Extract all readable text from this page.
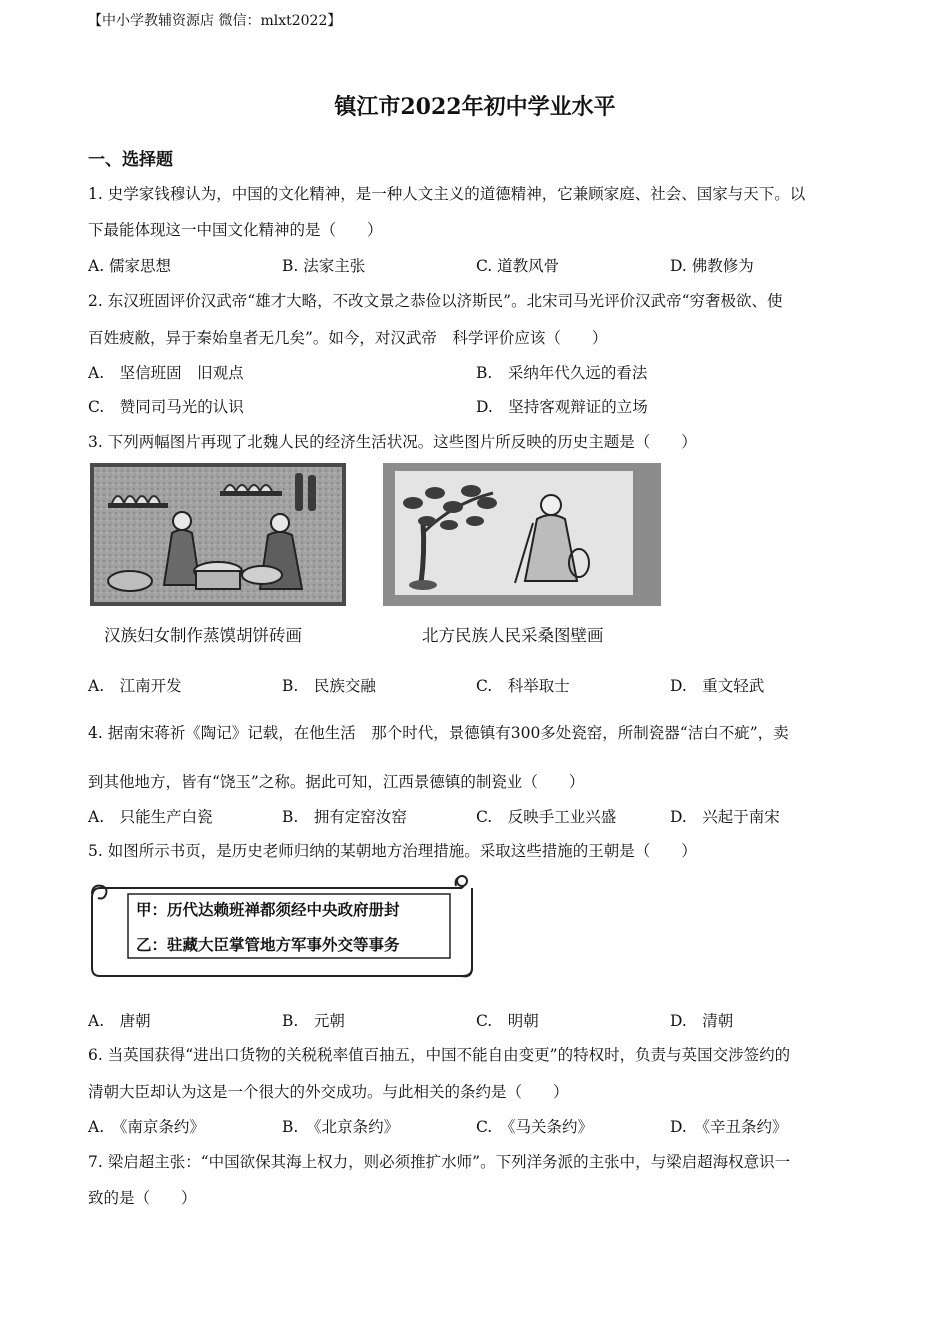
【中小学教辅资源店 微信：mlxt2022】
镇江市2022年初中学业水平
一、选择题
1. 史学家钱穆认为，中国的文化精神，是一种人文主义的道德精神，它兼顾家庭、社会、国家与天下。以
下最能体现这一中国文化精神的是（　　）
A. 儒家思想	B. 法家主张	C. 道教风骨	D. 佛教修为
2. 东汉班固评价汉武帝“雄才大略，不改文景之恭俭以济斯民”。北宋司马光评价汉武帝“穷奢极欲、使
百姓疲敝，异于秦始皇者无几矣”。如今，对汉武帝　科学评价应该（　　）
A.　坚信班固　旧观点	B.　采纳年代久远的看法
C.　赞同司马光的认识	D.　坚持客观辩证的立场
3. 下列两幅图片再现了北魏人民的经济生活状况。这些图片所反映的历史主题是（　　）
汉族妇女制作蒸馍胡饼砖画	北方民族人民采桑图壁画
A.　江南开发	B.　民族交融	C.　科举取士	D.　重文轻武
4. 据南宋蒋祈《陶记》记载，在他生活　那个时代，景德镇有300多处瓷窑，所制瓷器“洁白不疵”，卖
到其他地方，皆有“饶玉”之称。据此可知，江西景德镇的制瓷业（　　）
A.　只能生产白瓷	B.　拥有定窑汝窑	C.　反映手工业兴盛	D.　兴起于南宋
5. 如图所示书页，是历史老师归纳的某朝地方治理措施。采取这些措施的王朝是（　　）
甲：历代达赖班禅都须经中央政府册封
乙：驻藏大臣掌管地方军事外交等事务
A.　唐朝	B.　元朝	C.　明朝	D.　清朝
6. 当英国获得“进出口货物的关税税率值百抽五，中国不能自由变更”的特权时，负责与英国交涉签约的
清朝大臣却认为这是一个很大的外交成功。与此相关的条约是（　　）
A.　《南京条约》	B.　《北京条约》	C.　《马关条约》	D.　《辛丑条约》
7. 梁启超主张：“中国欲保其海上权力，则必须推扩水师”。下列洋务派的主张中，与梁启超海权意识一
致的是（　　）
